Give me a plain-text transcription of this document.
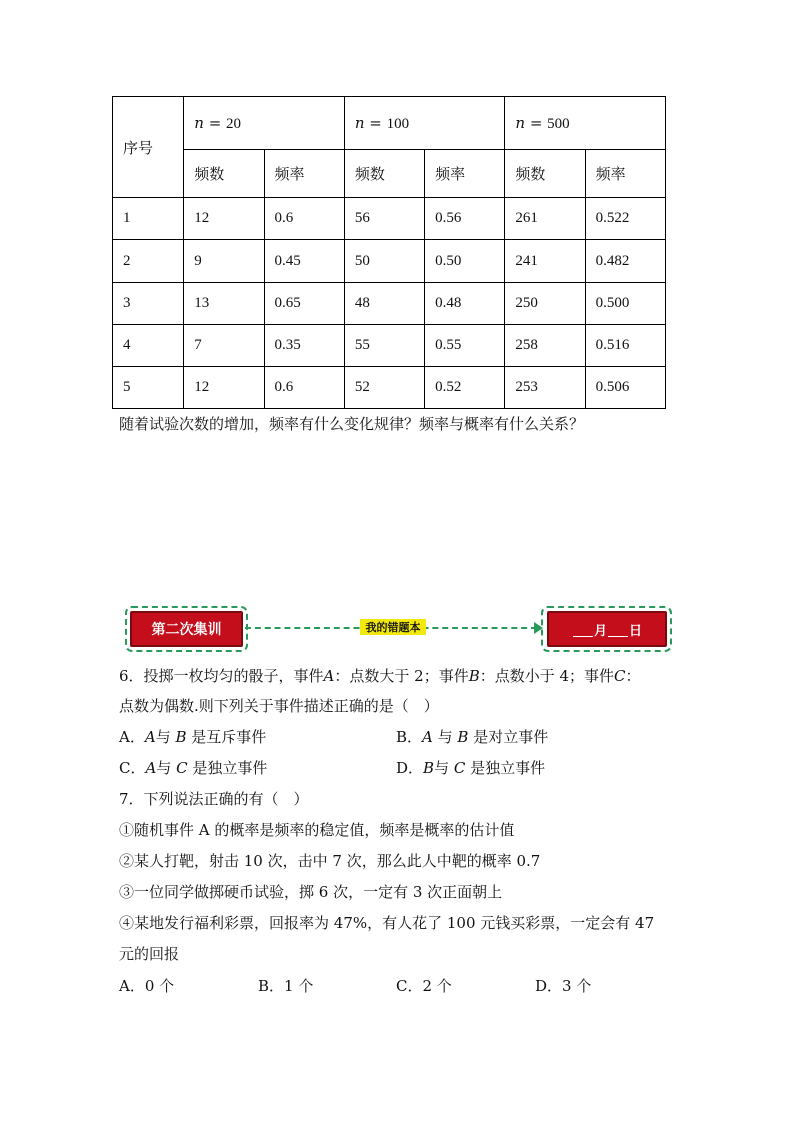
序号	n = 20		n = 100		n = 500	
	频数	频率	频数	频率	频数	频率
1	12	0.6	56	0.56	261	0.522
2	9	0.45	50	0.50	241	0.482
3	13	0.65	48	0.48	250	0.500
4	7	0.35	55	0.55	258	0.516
5	12	0.6	52	0.52	253	0.506
随着试验次数的增加，频率有什么变化规律？频率与概率有什么关系？
第二次集训	我的错题本	月 日
6．投掷一枚均匀的骰子，事件A：点数大于 2；事件B：点数小于 4；事件C：
点数为偶数.则下列关于事件描述正确的是（　）
A．A与 B 是互斥事件	B．A 与 B 是对立事件
C．A与 C 是独立事件	D．B与 C 是独立事件
7．下列说法正确的有（　）
①随机事件 A 的概率是频率的稳定值，频率是概率的估计值
②某人打靶，射击 10 次，击中 7 次，那么此人中靶的概率 0.7
③一位同学做掷硬币试验，掷 6 次，一定有 3 次正面朝上
④某地发行福利彩票，回报率为 47%，有人花了 100 元钱买彩票，一定会有 47
元的回报
A．0 个	B．1 个	C．2 个	D．3 个
